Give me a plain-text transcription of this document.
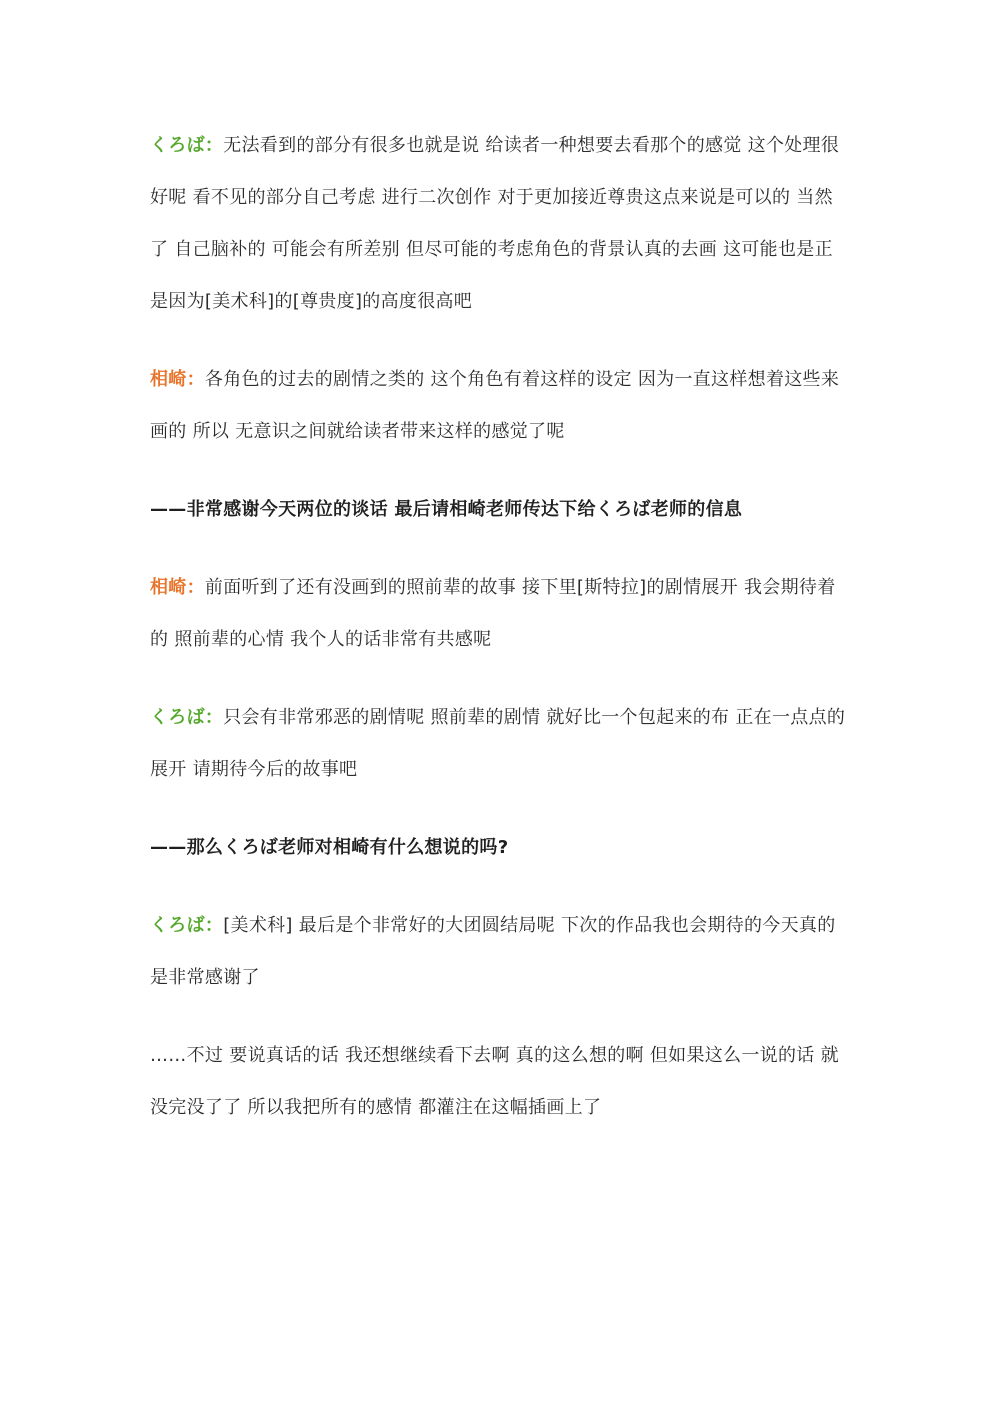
くろば：无法看到的部分有很多也就是说 给读者一种想要去看那个的感觉 这个处理很好呢 看不见的部分自己考虑 进行二次创作 对于更加接近尊贵这点来说是可以的 当然了 自己脑补的 可能会有所差别 但尽可能的考虑角色的背景认真的去画 这可能也是正是因为[美术科]的[尊贵度]的高度很高吧

相崎：各角色的过去的剧情之类的 这个角色有着这样的设定 因为一直这样想着这些来画的 所以 无意识之间就给读者带来这样的感觉了呢

——非常感谢今天两位的谈话 最后请相崎老师传达下给くろば老师的信息

相崎：前面听到了还有没画到的照前辈的故事 接下里[斯特拉]的剧情展开 我会期待着的 照前辈的心情 我个人的话非常有共感呢

くろば：只会有非常邪恶的剧情呢 照前辈的剧情 就好比一个包起来的布 正在一点点的展开 请期待今后的故事吧

——那么くろば老师对相崎有什么想说的吗?

くろば：[美术科] 最后是个非常好的大团圆结局呢 下次的作品我也会期待的今天真的是非常感谢了

……不过 要说真话的话 我还想继续看下去啊 真的这么想的啊 但如果这么一说的话 就没完没了了 所以我把所有的感情 都灌注在这幅插画上了
